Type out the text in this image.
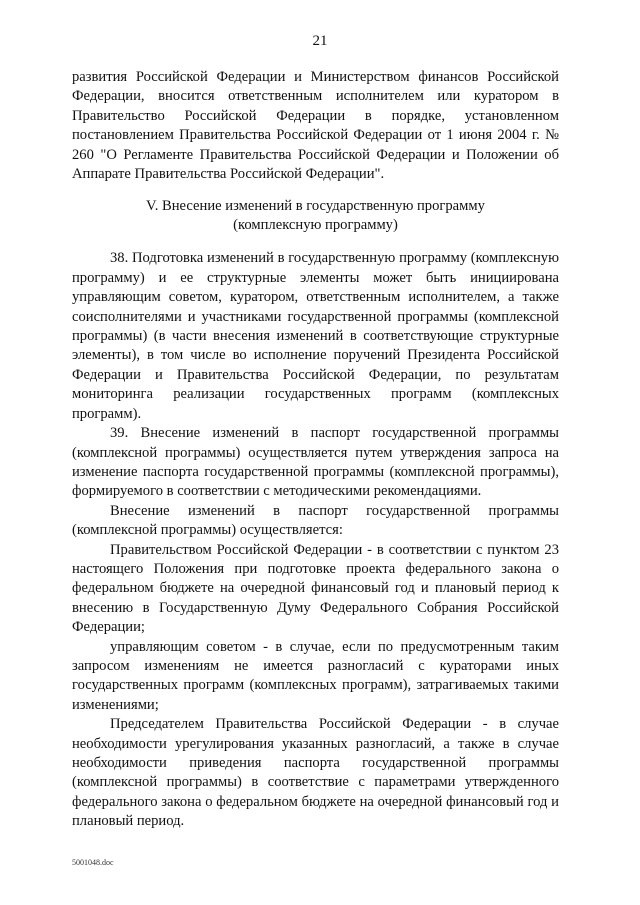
21

развития Российской Федерации и Министерством финансов Российской Федерации, вносится ответственным исполнителем или куратором в Правительство Российской Федерации в порядке, установленном постановлением Правительства Российской Федерации от 1 июня 2004 г. № 260 "О Регламенте Правительства Российской Федерации и Положении об Аппарате Правительства Российской Федерации".

V. Внесение изменений в государственную программу
(комплексную программу)

38. Подготовка изменений в государственную программу (комплексную программу) и ее структурные элементы может быть инициирована управляющим советом, куратором, ответственным исполнителем, а также соисполнителями и участниками государственной программы (комплексной программы) (в части внесения изменений в соответствующие структурные элементы), в том числе во исполнение поручений Президента Российской Федерации и Правительства Российской Федерации, по результатам мониторинга реализации государственных программ (комплексных программ).

39. Внесение изменений в паспорт государственной программы (комплексной программы) осуществляется путем утверждения запроса на изменение паспорта государственной программы (комплексной программы), формируемого в соответствии с методическими рекомендациями.

Внесение изменений в паспорт государственной программы (комплексной программы) осуществляется:

Правительством Российской Федерации - в соответствии с пунктом 23 настоящего Положения при подготовке проекта федерального закона о федеральном бюджете на очередной финансовый год и плановый период к внесению в Государственную Думу Федерального Собрания Российской Федерации;

управляющим советом - в случае, если по предусмотренным таким запросом изменениям не имеется разногласий с кураторами иных государственных программ (комплексных программ), затрагиваемых такими изменениями;

Председателем Правительства Российской Федерации - в случае необходимости урегулирования указанных разногласий, а также в случае необходимости приведения паспорта государственной программы (комплексной программы) в соответствие с параметрами утвержденного федерального закона о федеральном бюджете на очередной финансовый год и плановый период.

5001048.doc
